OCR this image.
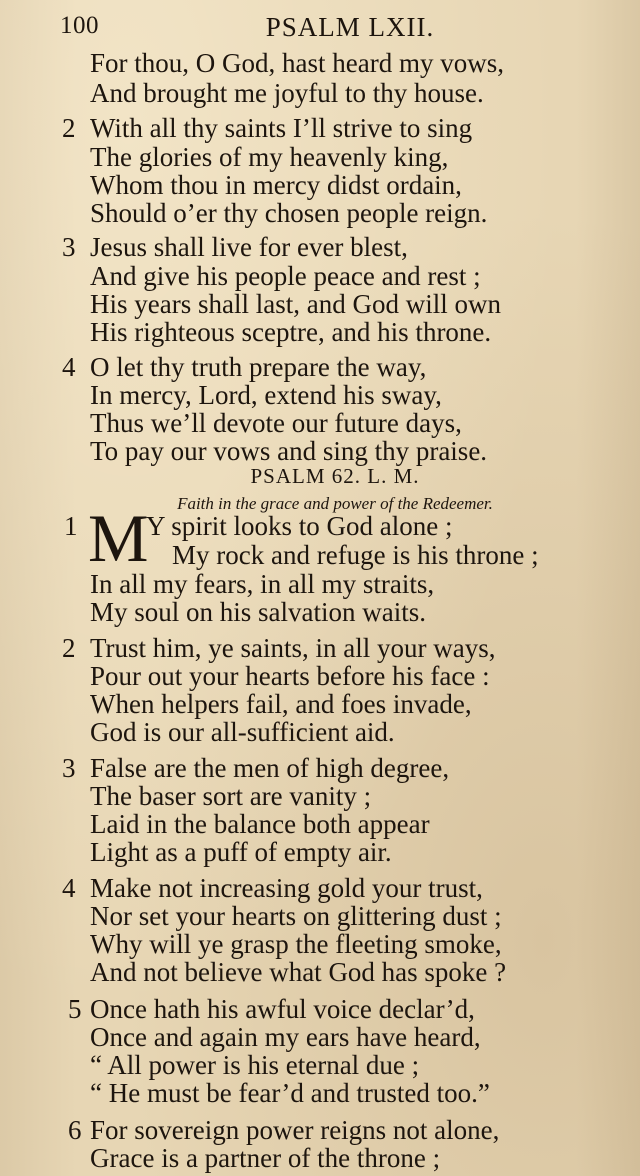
100	PSALM LXII.
For thou, O God, hast heard my vows,
And brought me joyful to thy house.
2 With all thy saints I’ll strive to sing
The glories of my heavenly king,
Whom thou in mercy didst ordain,
Should o’er thy chosen people reign.
3 Jesus shall live for ever blest,
And give his people peace and rest ;
His years shall last, and God will own
His righteous sceptre, and his throne.
4 O let thy truth prepare the way,
In mercy, Lord, extend his sway,
Thus we’ll devote our future days,
To pay our vows and sing thy praise.
PSALM 62. L. M.
Faith in the grace and power of the Redeemer.
1 M Y spirit looks to God alone ;
My rock and refuge is his throne ;
In all my fears, in all my straits,
My soul on his salvation waits.
2 Trust him, ye saints, in all your ways,
Pour out your hearts before his face :
When helpers fail, and foes invade,
God is our all-sufficient aid.
3 False are the men of high degree,
The baser sort are vanity ;
Laid in the balance both appear
Light as a puff of empty air.
4 Make not increasing gold your trust,
Nor set your hearts on glittering dust ;
Why will ye grasp the fleeting smoke,
And not believe what God has spoke ?
5 Once hath his awful voice declar’d,
Once and again my ears have heard,
“ All power is his eternal due ;
“ He must be fear’d and trusted too.”
6 For sovereign power reigns not alone,
Grace is a partner of the throne ;
